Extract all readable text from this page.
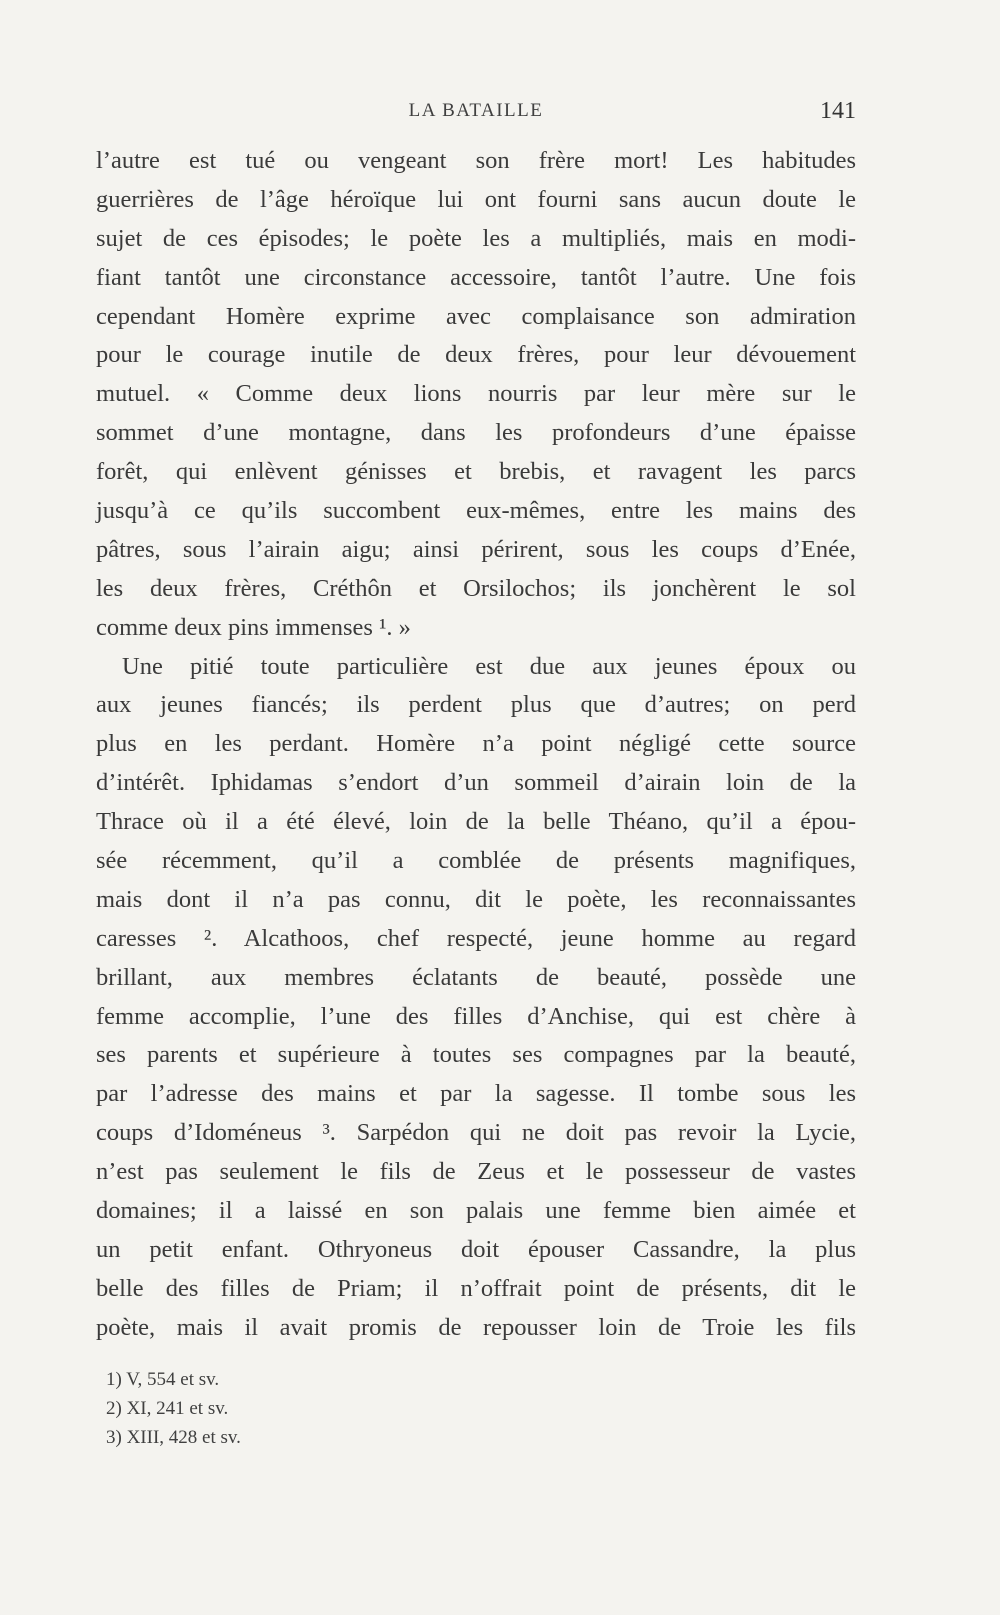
LA BATAILLE	141
l’autre est tué ou vengeant son frère mort! Les habitudes
guerrières de l’âge héroïque lui ont fourni sans aucun doute le
sujet de ces épisodes; le poète les a multipliés, mais en modi-
fiant tantôt une circonstance accessoire, tantôt l’autre. Une fois
cependant Homère exprime avec complaisance son admiration
pour le courage inutile de deux frères, pour leur dévouement
mutuel. « Comme deux lions nourris par leur mère sur le
sommet d’une montagne, dans les profondeurs d’une épaisse
forêt, qui enlèvent génisses et brebis, et ravagent les parcs
jusqu’à ce qu’ils succombent eux-mêmes, entre les mains des
pâtres, sous l’airain aigu; ainsi périrent, sous les coups d’Enée,
les deux frères, Créthôn et Orsilochos; ils jonchèrent le sol
comme deux pins immenses ¹. »
Une pitié toute particulière est due aux jeunes époux ou
aux jeunes fiancés; ils perdent plus que d’autres; on perd
plus en les perdant. Homère n’a point négligé cette source
d’intérêt. Iphidamas s’endort d’un sommeil d’airain loin de la
Thrace où il a été élevé, loin de la belle Théano, qu’il a épou-
sée récemment, qu’il a comblée de présents magnifiques,
mais dont il n’a pas connu, dit le poète, les reconnaissantes
caresses ². Alcathoos, chef respecté, jeune homme au regard
brillant, aux membres éclatants de beauté, possède une
femme accomplie, l’une des filles d’Anchise, qui est chère à
ses parents et supérieure à toutes ses compagnes par la beauté,
par l’adresse des mains et par la sagesse. Il tombe sous les
coups d’Idoméneus ³. Sarpédon qui ne doit pas revoir la Lycie,
n’est pas seulement le fils de Zeus et le possesseur de vastes
domaines; il a laissé en son palais une femme bien aimée et
un petit enfant. Othryoneus doit épouser Cassandre, la plus
belle des filles de Priam; il n’offrait point de présents, dit le
poète, mais il avait promis de repousser loin de Troie les fils
1) V, 554 et sv.
2) XI, 241 et sv.
3) XIII, 428 et sv.
